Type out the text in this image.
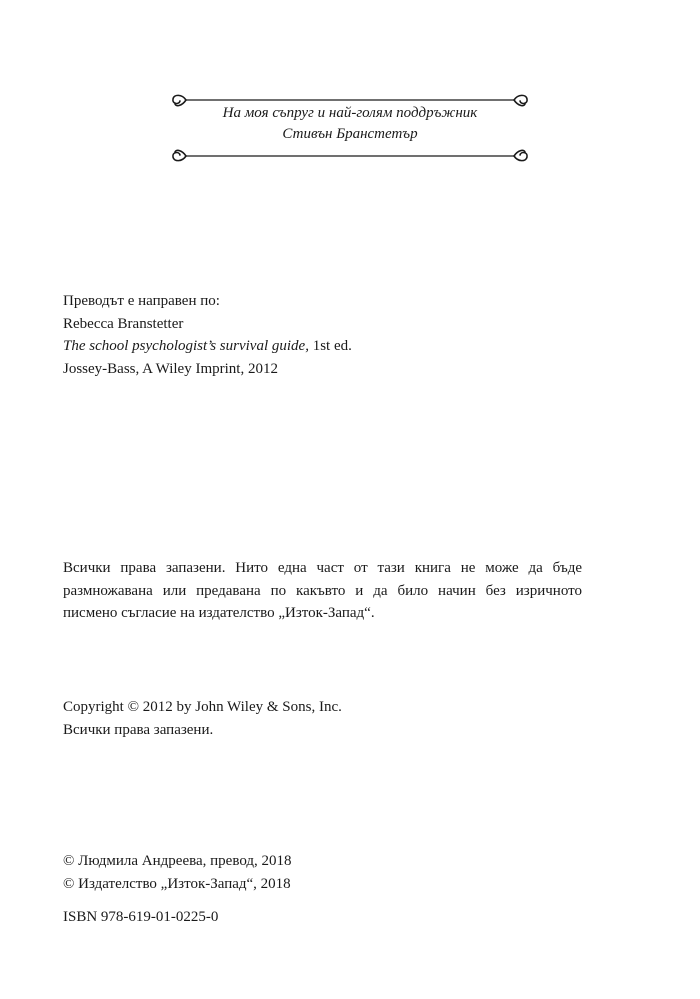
На моя съпруг и най-голям поддръжник
Стивън Бранстетър
Преводът е направен по:
Rebecca Branstetter
The school psychologist’s survival guide, 1st ed.
Jossey-Bass, A Wiley Imprint, 2012
Всички права запазени. Нито една част от тази книга не може да бъде
размножавана или предавана по какъвто и да било начин без изричното
писмено съгласие на издателство „Изток-Запад“.
Copyright © 2012 by John Wiley & Sons, Inc.
Всички права запазени.
© Людмила Андреева, превод, 2018
© Издателство „Изток-Запад“, 2018
ISBN 978-619-01-0225-0
